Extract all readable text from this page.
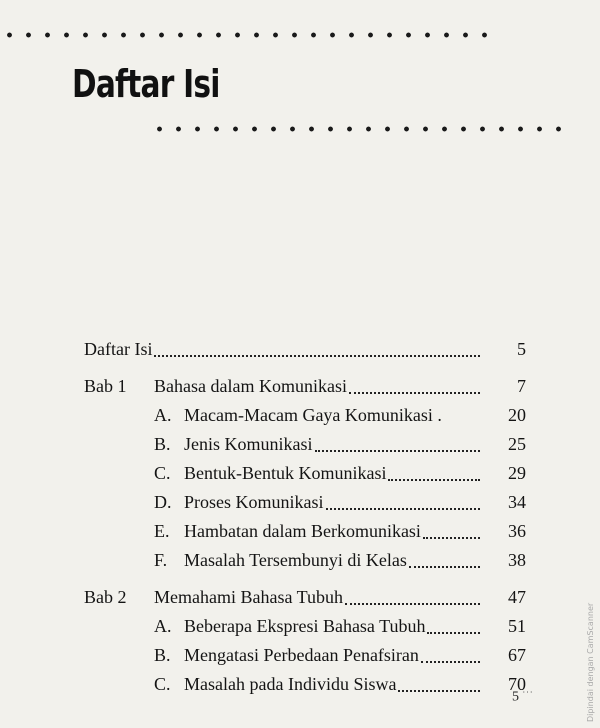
Daftar Isi
Daftar Isi	5
Bab 1	Bahasa dalam Komunikasi	7
A. Macam-Macam Gaya Komunikasi .	20
B. Jenis Komunikasi	25
C. Bentuk-Bentuk Komunikasi	29
D. Proses Komunikasi	34
E. Hambatan dalam Berkomunikasi	36
F. Masalah Tersembunyi di Kelas	38
Bab 2	Memahami Bahasa Tubuh	47
A. Beberapa Ekspresi Bahasa Tubuh	51
B. Mengatasi Perbedaan Penafsiran	67
C. Masalah pada Individu Siswa	70
5 ···	Dipindai dengan CamScanner
